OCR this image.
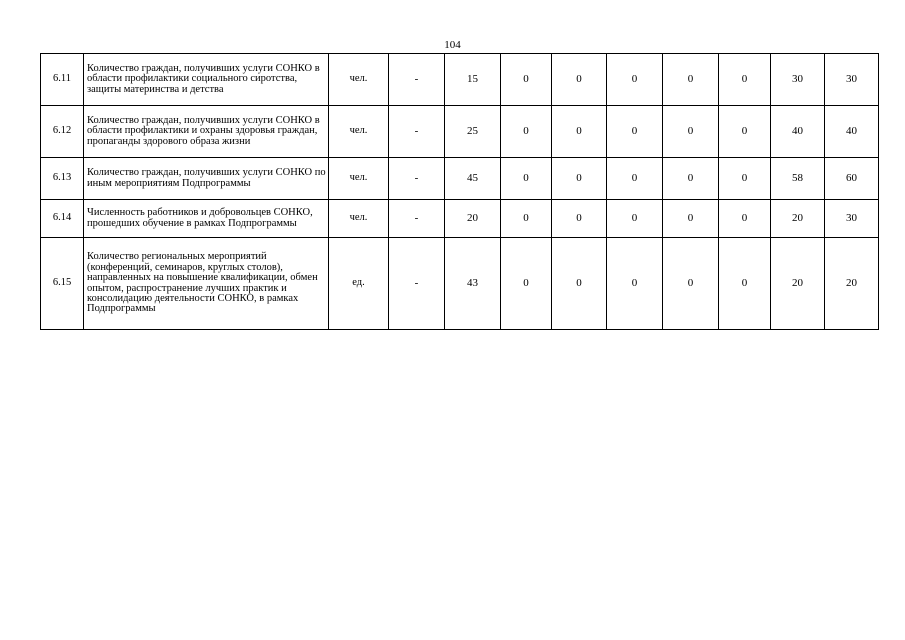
104
6.11	Количество граждан, получивших услуги СОНКО в области профилактики социального сиротства, защиты материнства и детства	чел.	-	15	0	0	0	0	0	30	30
6.12	Количество граждан, получивших услуги СОНКО в области профилактики и охраны здоровья граждан, пропаганды здорового образа жизни	чел.	-	25	0	0	0	0	0	40	40
6.13	Количество граждан, получивших услуги СОНКО по иным мероприятиям Подпрограммы	чел.	-	45	0	0	0	0	0	58	60
6.14	Численность работников и добровольцев СОНКО, прошедших обучение в рамках Подпрограммы	чел.	-	20	0	0	0	0	0	20	30
6.15	Количество региональных мероприятий (конференций, семинаров, круглых столов), направленных на повышение квалификации, обмен опытом, распространение лучших практик и консолидацию деятельности СОНКО, в рамках Подпрограммы	ед.	-	43	0	0	0	0	0	20	20
